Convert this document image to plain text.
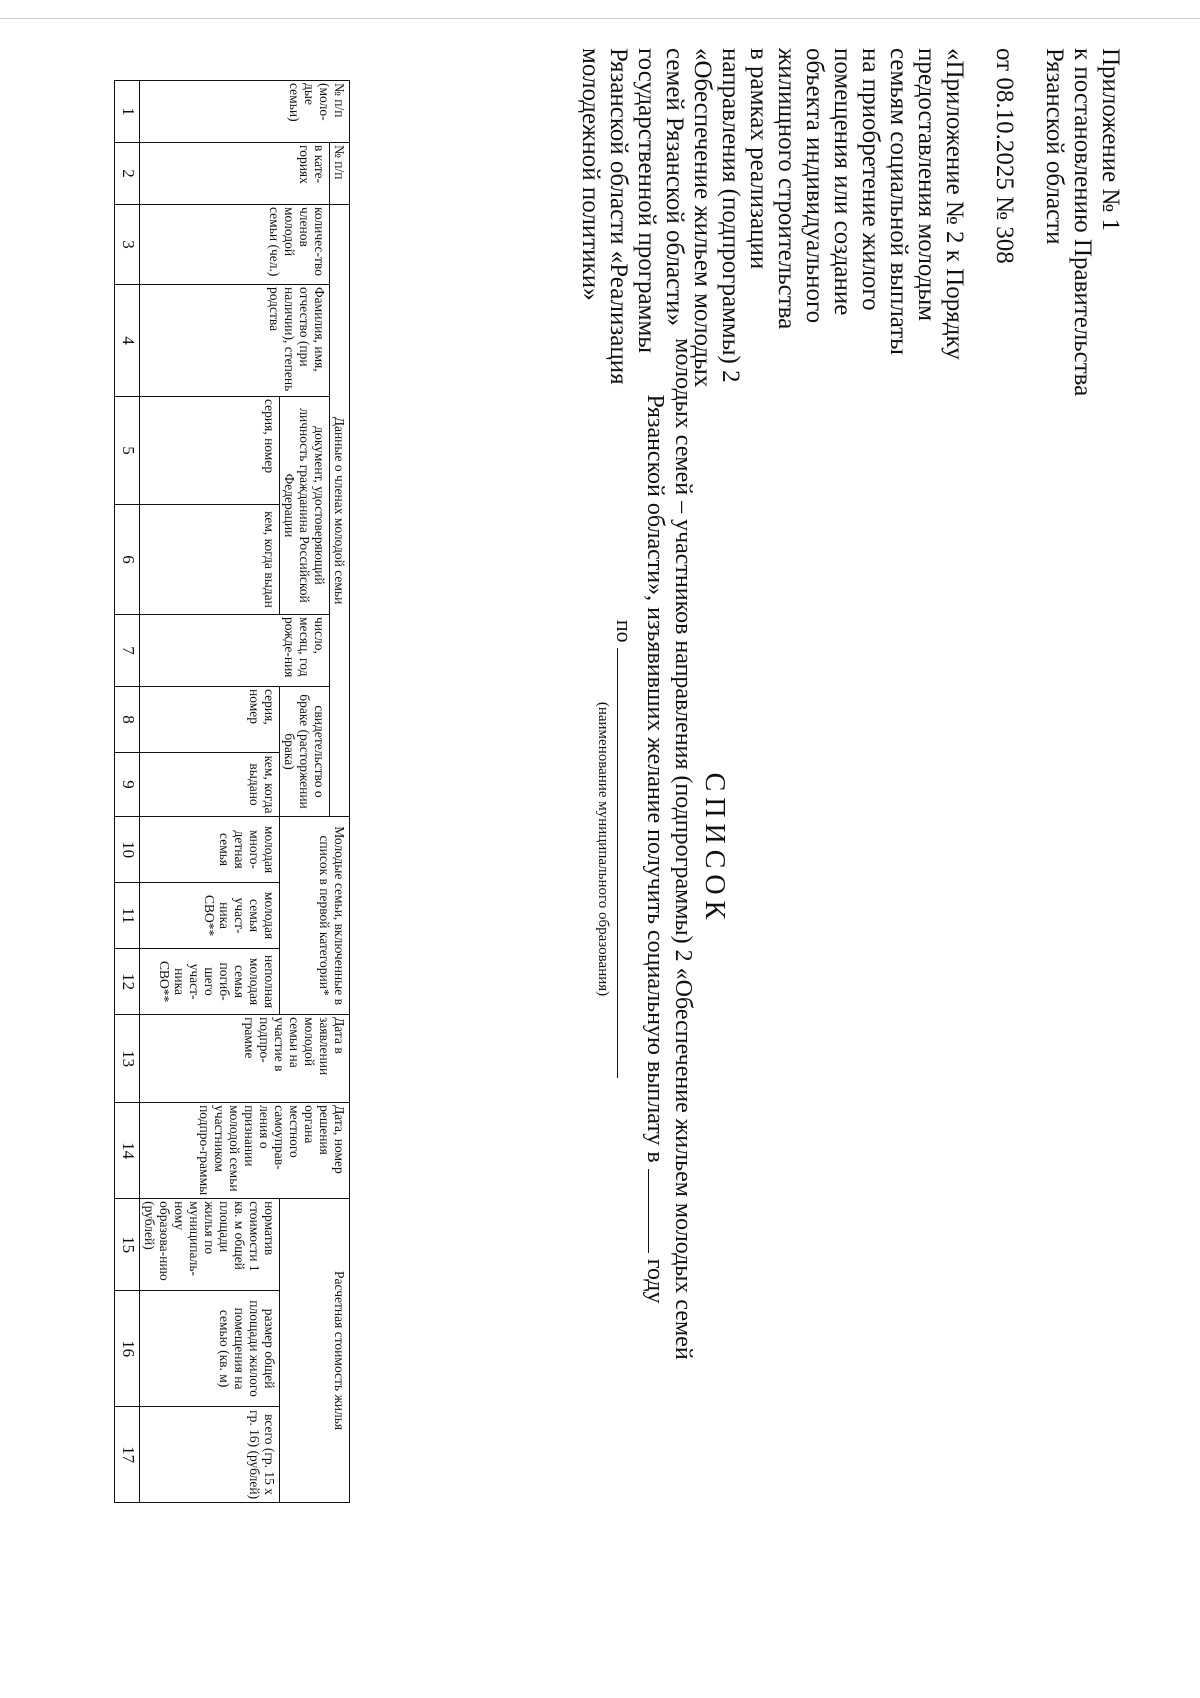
Приложение № 1

к постановлению Правительства

Рязанской области

от 08.10.2025 № 308

«Приложение № 2 к Порядку

предоставления молодым

семьям социальной выплаты

на приобретение жилого

помещения или создание

объекта индивидуального

жилищного строительства

в рамках реализации

направления (подпрограммы) 2

«Обеспечение жильем молодых

семей Рязанской области»

государственной программы

Рязанской области «Реализация

молодежной политики»

СПИСОК
молодых семей – участников направления (подпрограммы) 2 «Обеспечение жильем молодых семей
Рязанской области», изъявивших желание получить социальную выплату в  году
по
(наименование муниципального образования)
№ п/п (моло-дые семьи)	№ п/п	Данные о членах молодой семьи							Молодые семьи, включенные в список в первой категории*			Дата в заявлении молодой семьи на участие в подпро-грамме	Дата, номер решения органа местного самоуправ-ления о признании молодой семьи участником подпро-граммы	Расчетная стоимость жилья		
	в кате-гориях	количес-тво членов молодой семьи (чел.)	Фамилия, имя, отчество (при наличии), степень родства	документ, удостоверяющий личность гражданина Российской Федерации		число, месяц, год рожде-ния	свидетельство о браке (расторжении брака)									
				серия, номер	кем, когда выдан		серия, номер	кем, когда выдано	молодая много-детная семья	молодая семья участ-ника СВО**	неполная молодая семья погиб-шего участ-ника СВО**			норматив стоимости 1 кв. м общей площади жилья по муниципаль-ному образова-нию (рублей)	размер общей площади жилого помещения на семью (кв. м)	всего (гр. 15 х гр. 16) (рублей)

1	2	3	4	5	6	7	8	9	10	11	12	13	14	15	16	17
